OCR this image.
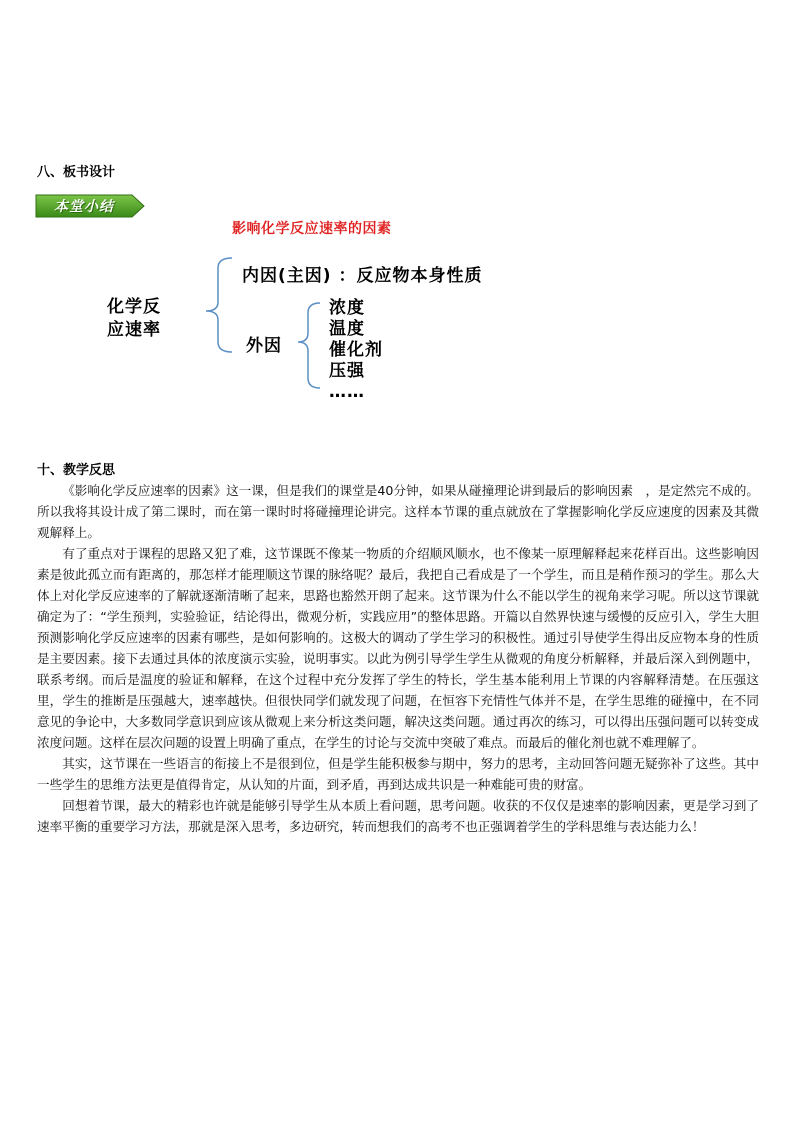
八、板书设计
本堂小结
影响化学反应速率的因素
化学反
应速率
内因(主因) ：反应物本身性质
外因
浓度
温度
催化剂
压强
……
十、教学反思

《影响化学反应速率的因素》这一课，但是我们的课堂是40分钟，如果从碰撞理论讲到最后的影响因素　，是定然完不成的。所以我将其设计成了第二课时，而在第一课时时将碰撞理论讲完。这样本节课的重点就放在了掌握影响化学反应速度的因素及其微观解释上。

有了重点对于课程的思路又犯了难，这节课既不像某一物质的介绍顺风顺水，也不像某一原理解释起来花样百出。这些影响因素是彼此孤立而有距离的，那怎样才能理顺这节课的脉络呢？最后，我把自己看成是了一个学生，而且是稍作预习的学生。那么大体上对化学反应速率的了解就逐渐清晰了起来，思路也豁然开朗了起来。这节课为什么不能以学生的视角来学习呢。所以这节课就确定为了：“学生预判，实验验证，结论得出，微观分析，实践应用”的整体思路。开篇以自然界快速与缓慢的反应引入，学生大胆预测影响化学反应速率的因素有哪些，是如何影响的。这极大的调动了学生学习的积极性。通过引导使学生得出反应物本身的性质是主要因素。接下去通过具体的浓度演示实验，说明事实。以此为例引导学生学生从微观的角度分析解释，并最后深入到例题中，联系考纲。而后是温度的验证和解释，在这个过程中充分发挥了学生的特长，学生基本能利用上节课的内容解释清楚。在压强这里，学生的推断是压强越大，速率越快。但很快同学们就发现了问题，在恒容下充情性气体并不是，在学生思维的碰撞中，在不同意见的争论中，大多数同学意识到应该从微观上来分析这类问题，解决这类问题。通过再次的练习，可以得出压强问题可以转变成浓度问题。这样在层次问题的设置上明确了重点，在学生的讨论与交流中突破了难点。而最后的催化剂也就不难理解了。

其实，这节课在一些语言的衔接上不是很到位，但是学生能积极参与期中，努力的思考，主动回答问题无疑弥补了这些。其中一些学生的思维方法更是值得肯定，从认知的片面，到矛盾，再到达成共识是一种难能可贵的财富。

回想着节课，最大的精彩也许就是能够引导学生从本质上看问题，思考问题。收获的不仅仅是速率的影响因素，更是学习到了速率平衡的重要学习方法，那就是深入思考，多边研究，转而想我们的高考不也正强调着学生的学科思维与表达能力么！
